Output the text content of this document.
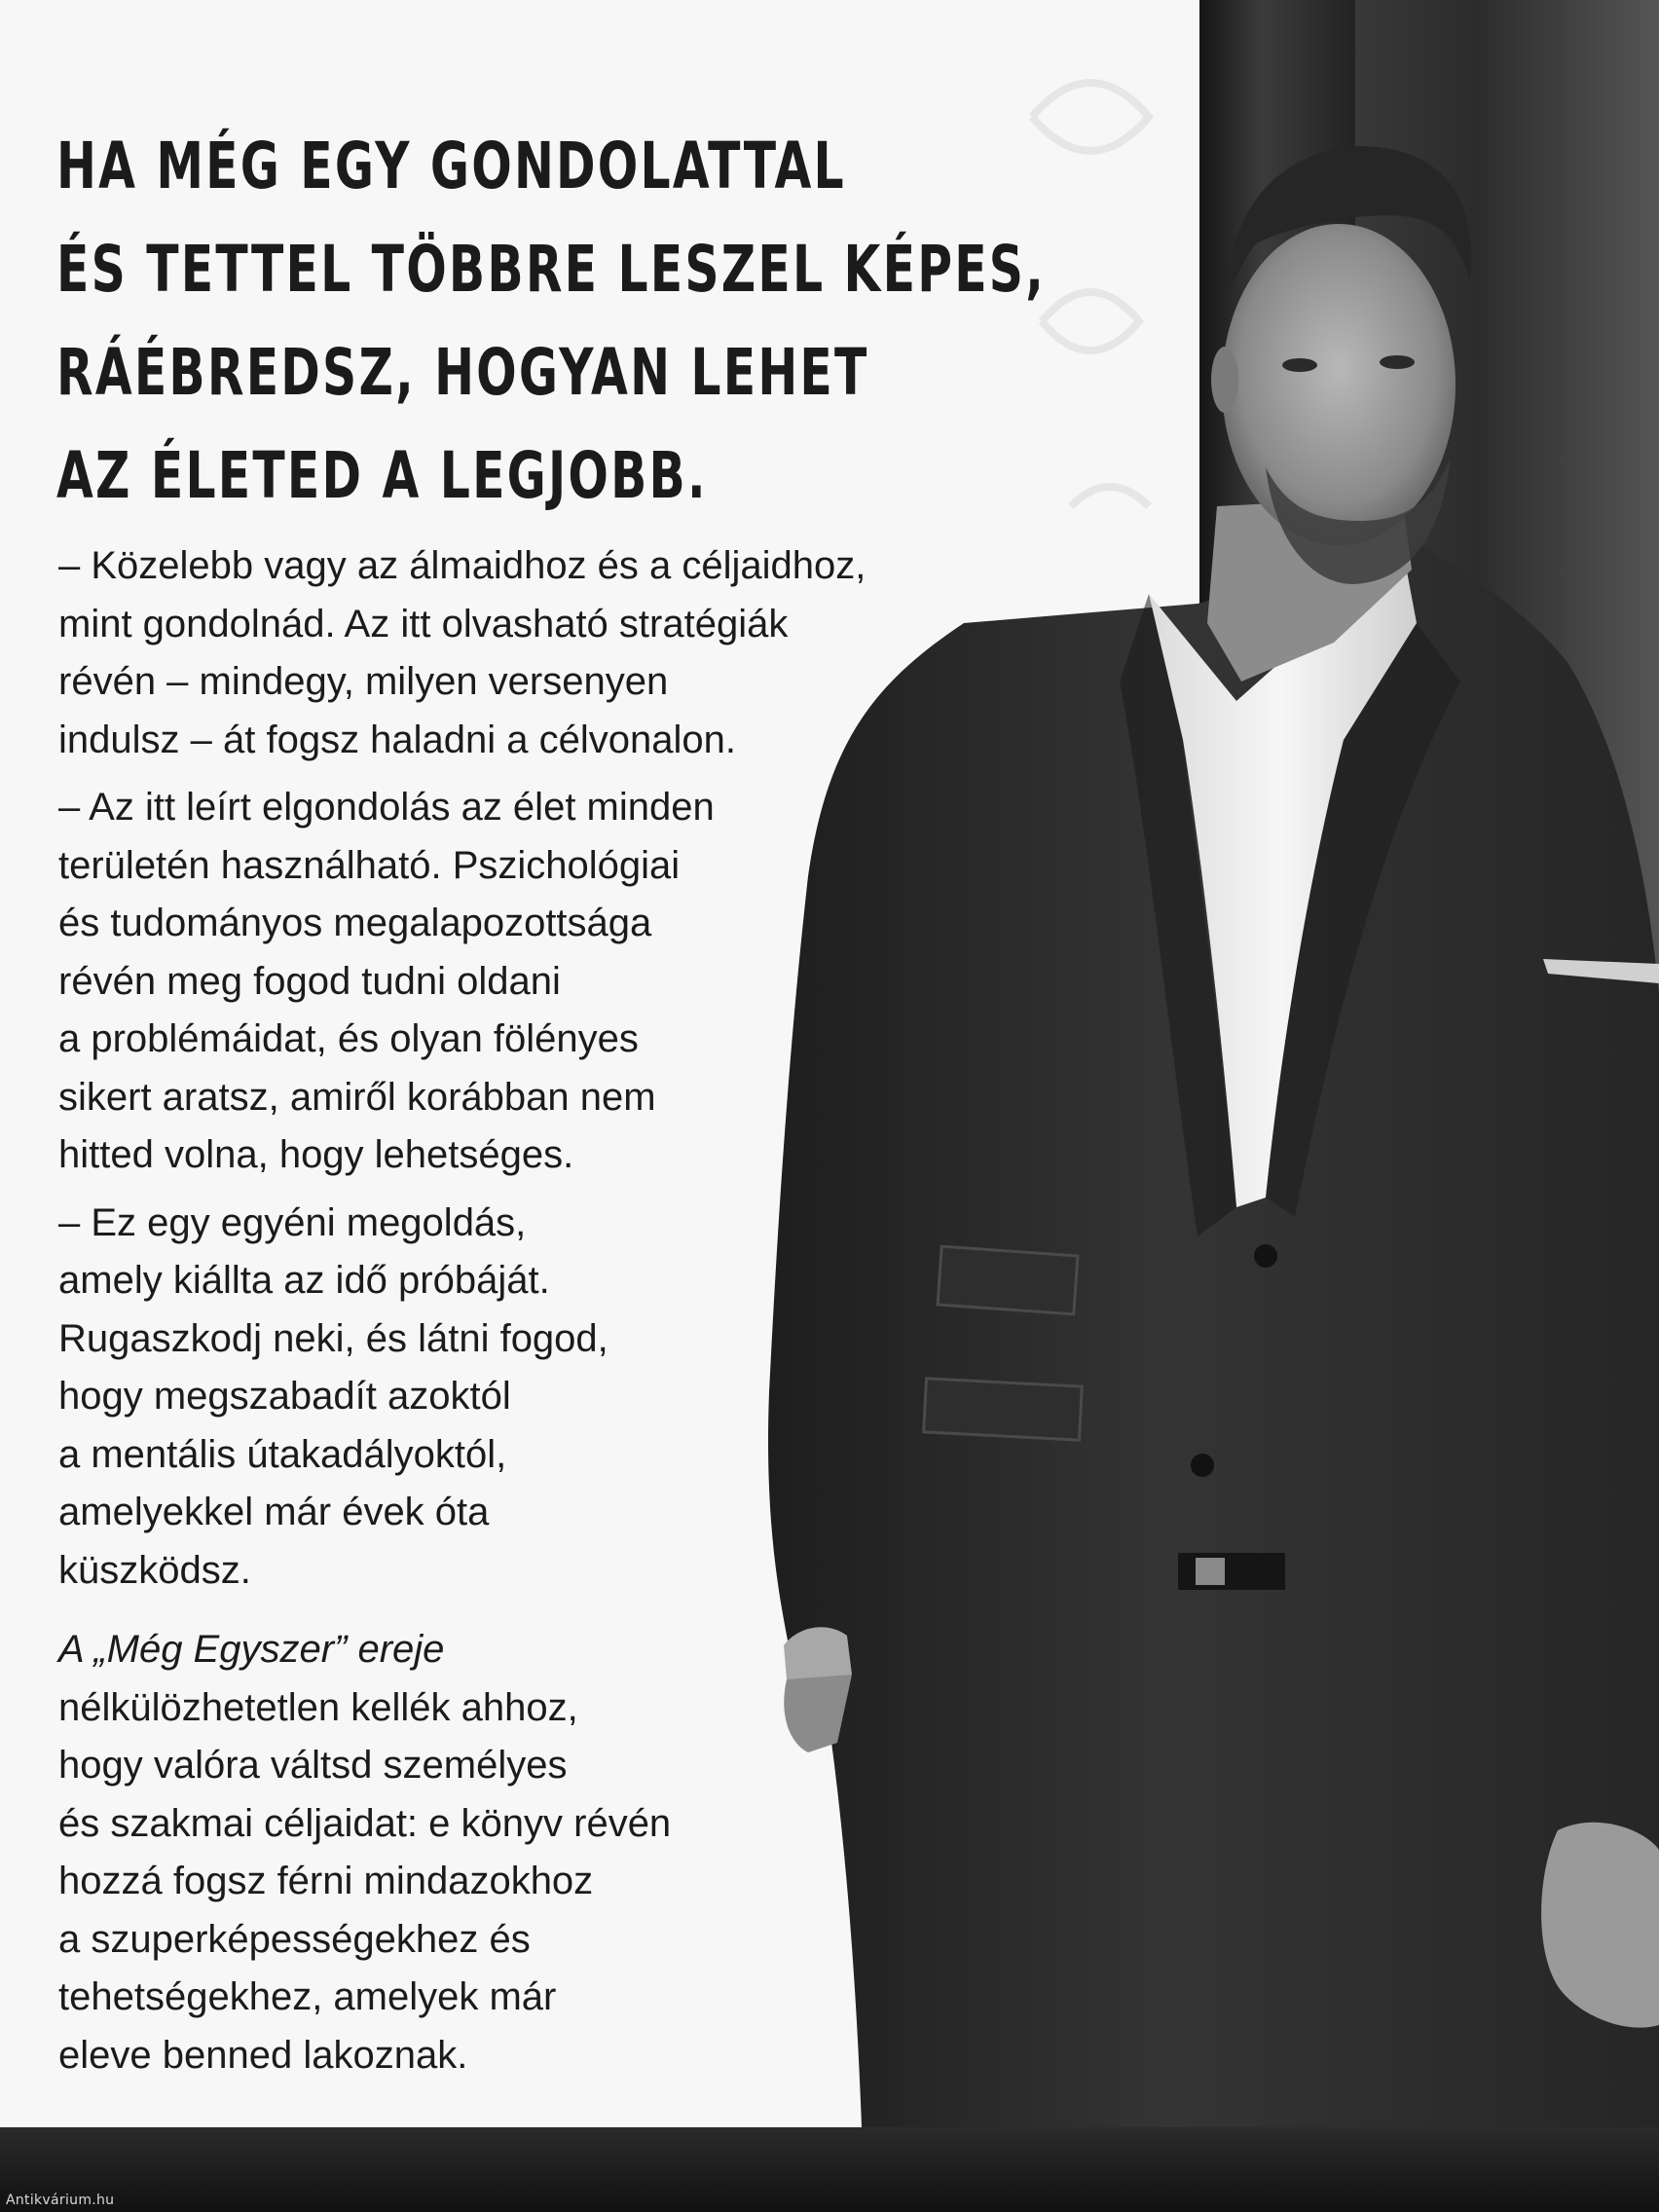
Antikvárium.hu
HA MÉG EGY GONDOLATTAL
ÉS TETTEL TÖBBRE LESZEL KÉPES,
RÁÉBREDSZ, HOGYAN LEHET
AZ ÉLETED A LEGJOBB.

– Közelebb vagy az álmaidhoz és a céljaidhoz,
mint gondolnád. Az itt olvasható stratégiák
révén – mindegy, milyen versenyen
indulsz – át fogsz haladni a célvonalon.

– Az itt leírt elgondolás az élet minden
területén használható. Pszichológiai
és tudományos megalapozottsága
révén meg fogod tudni oldani
a problémáidat, és olyan fölényes
sikert aratsz, amiről korábban nem
hitted volna, hogy lehetséges.

– Ez egy egyéni megoldás,
amely kiállta az idő próbáját.
Rugaszkodj neki, és látni fogod,
hogy megszabadít azoktól
a mentális útakadályoktól,
amelyekkel már évek óta
küszködsz.

A „Még Egyszer” ereje
nélkülözhetetlen kellék ahhoz,
hogy valóra váltsd személyes
és szakmai céljaidat: e könyv révén
hozzá fogsz férni mindazokhoz
a szuperképességekhez és
tehetségekhez, amelyek már
eleve benned lakoznak.
